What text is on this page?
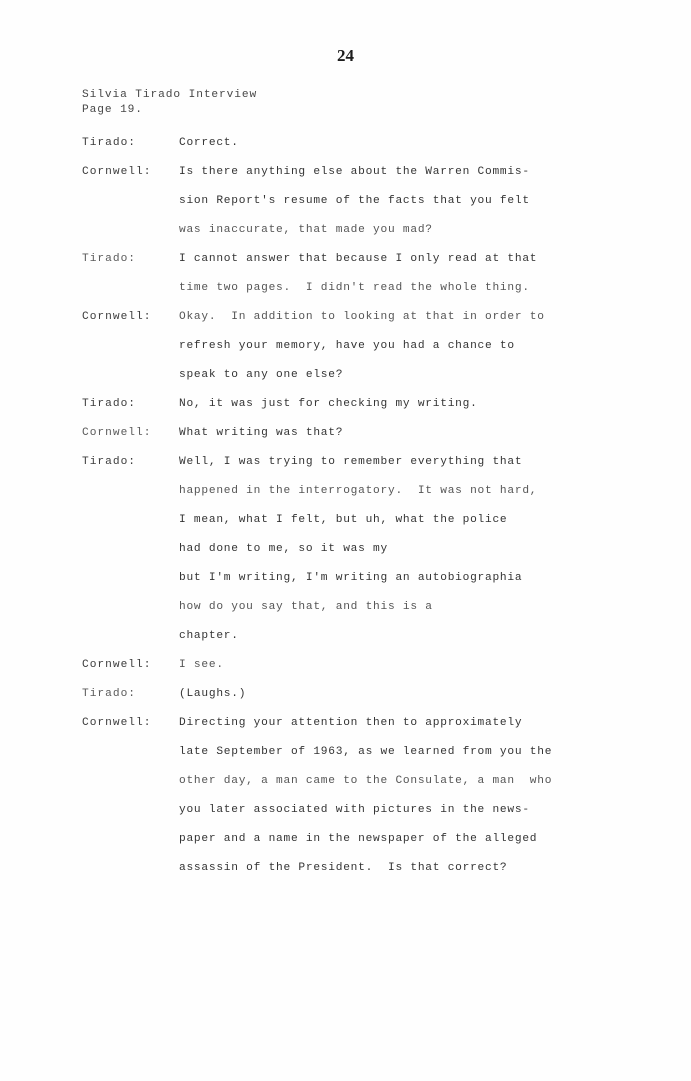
24
Silvia Tirado Interview
Page 19.
Tirado:	Correct.
Cornwell:	Is there anything else about the Warren Commis-
sion Report's resume of the facts that you felt
was inaccurate, that made you mad?
Tirado:	I cannot answer that because I only read at that
time two pages.  I didn't read the whole thing.
Cornwell:	Okay.  In addition to looking at that in order to
refresh your memory, have you had a chance to
speak to any one else?
Tirado:	No, it was just for checking my writing.
Cornwell:	What writing was that?
Tirado:	Well, I was trying to remember everything that
happened in the interrogatory.  It was not hard,
I mean, what I felt, but uh, what the police
had done to me, so it was my
but I'm writing, I'm writing an autobiographia
how do you say that, and this is a
chapter.
Cornwell:	I see.
Tirado:	(Laughs.)
Cornwell:	Directing your attention then to approximately
late September of 1963, as we learned from you the
other day, a man came to the Consulate, a man  who
you later associated with pictures in the news-
paper and a name in the newspaper of the alleged
assassin of the President.  Is that correct?
